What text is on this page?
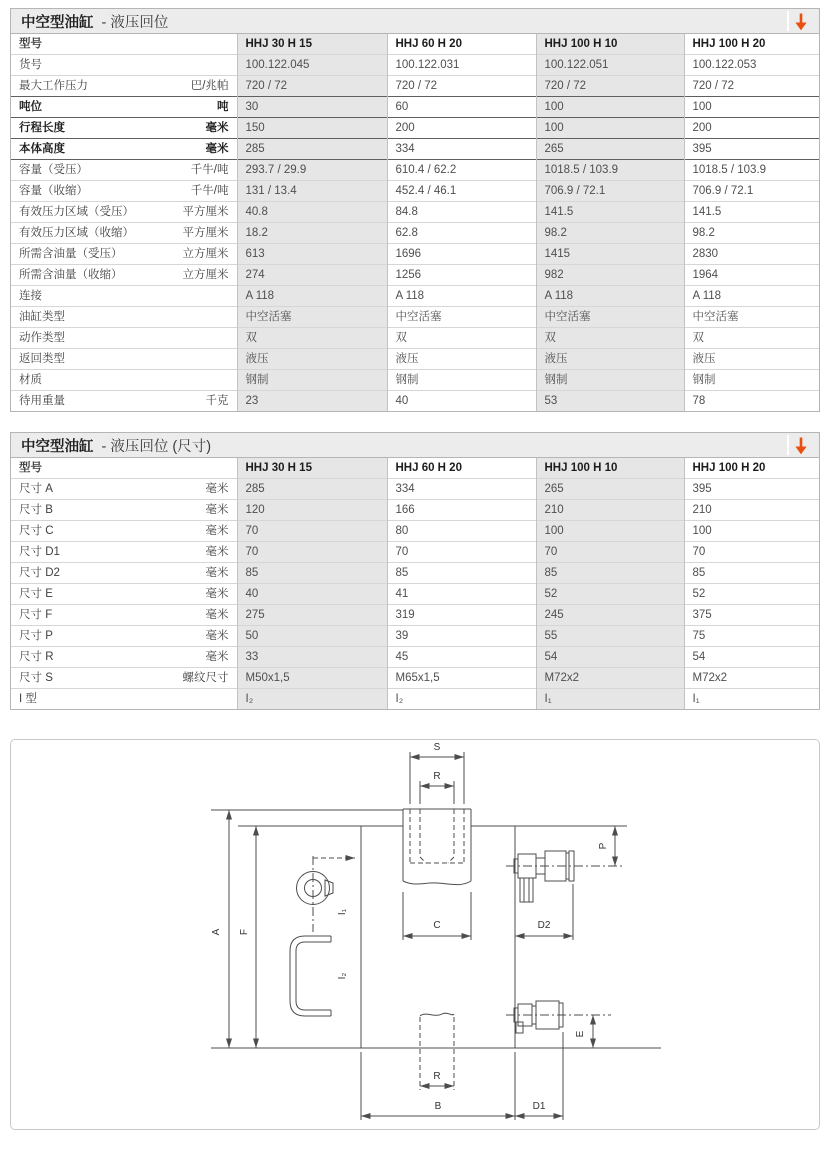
中空型油缸 - 液压回位
型号		HHJ 30 H 15	HHJ 60 H 20	HHJ 100 H 10	HHJ 100 H 20
货号		100.122.045	100.122.031	100.122.051	100.122.053
最大工作压力	巴/兆帕	720 / 72	720 / 72	720 / 72	720 / 72
吨位	吨	30	60	100	100
行程长度	毫米	150	200	100	200
本体高度	毫米	285	334	265	395
容量（受压）	千牛/吨	293.7 / 29.9	610.4 / 62.2	1018.5 / 103.9	1018.5 / 103.9
容量（收缩）	千牛/吨	131 / 13.4	452.4 / 46.1	706.9 / 72.1	706.9 / 72.1
有效压力区域（受压）	平方厘米	40.8	84.8	141.5	141.5
有效压力区域（收缩）	平方厘米	18.2	62.8	98.2	98.2
所需含油量（受压）	立方厘米	613	1696	1415	2830
所需含油量（收缩）	立方厘米	274	1256	982	1964
连接		A 118	A 118	A 118	A 118
油缸类型		中空活塞	中空活塞	中空活塞	中空活塞
动作类型		双	双	双	双
返回类型		液压	液压	液压	液压
材质		钢制	钢制	钢制	钢制
待用重量	千克	23	40	53	78
中空型油缸 - 液压回位 (尺寸)
型号		HHJ 30 H 15	HHJ 60 H 20	HHJ 100 H 10	HHJ 100 H 20
尺寸 A	毫米	285	334	265	395
尺寸 B	毫米	120	166	210	210
尺寸 C	毫米	70	80	100	100
尺寸 D1	毫米	70	70	70	70
尺寸 D2	毫米	85	85	85	85
尺寸 E	毫米	40	41	52	52
尺寸 F	毫米	275	319	245	375
尺寸 P	毫米	50	39	55	75
尺寸 R	毫米	33	45	54	54
尺寸 S	螺纹尺寸	M50x1,5	M65x1,5	M72x2	M72x2
I 型		I₂	I₂	I₁	I₁
S
R
A F
I₁
I₂
C	D2
P
E
R
B	D1
